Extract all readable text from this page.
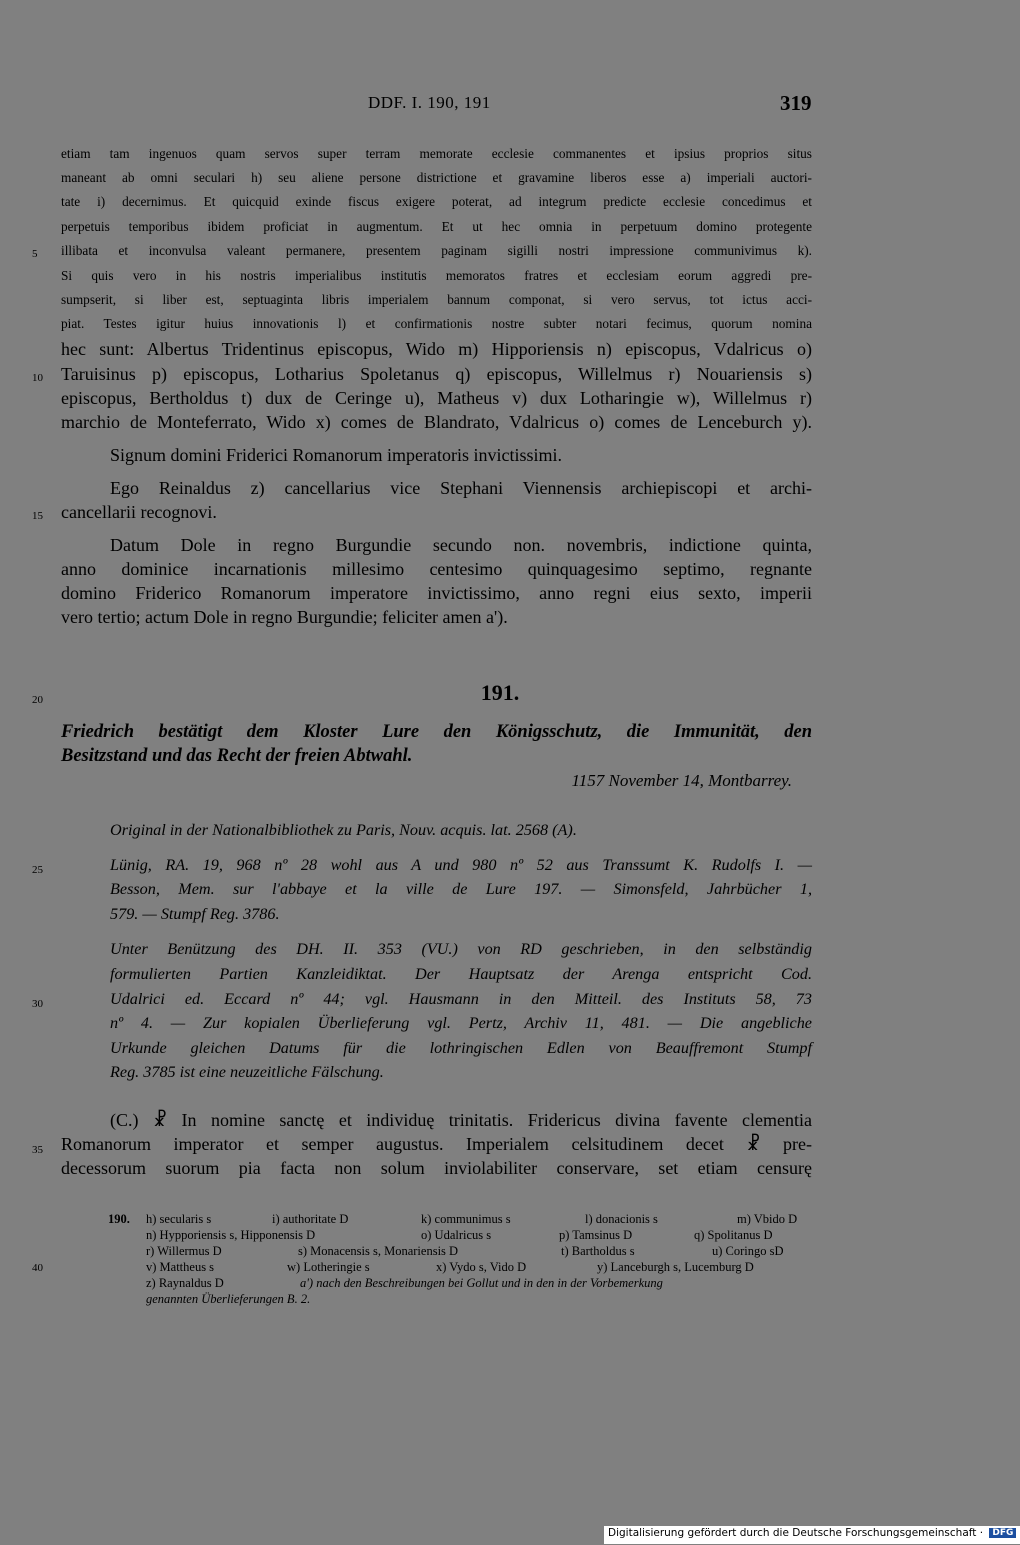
DDF. I. 190, 191	319
5
10
15
20
25
30
35
40
etiam tam ingenuos quam servos super terram memorate ecclesie commanentes et ipsius proprios situs
maneant ab omni seculari h) seu aliene persone districtione et gravamine liberos esse a) imperiali auctori-
tate i) decernimus. Et quicquid exinde fiscus exigere poterat, ad integrum predicte ecclesie concedimus et
perpetuis temporibus ibidem proficiat in augmentum. Et ut hec omnia in perpetuum domino protegente
illibata et inconvulsa valeant permanere, presentem paginam sigilli nostri impressione communivimus k).
Si quis vero in his nostris imperialibus institutis memoratos fratres et ecclesiam eorum aggredi pre-
sumpserit, si liber est, septuaginta libris imperialem bannum componat, si vero servus, tot ictus acci-
piat. Testes igitur huius innovationis l) et confirmationis nostre subter notari fecimus, quorum nomina
hec sunt: Albertus Tridentinus episcopus, Wido m) Hipporiensis n) episcopus, Vdalricus o)
Taruisinus p) episcopus, Lotharius Spoletanus q) episcopus, Willelmus r) Nouariensis s)
episcopus, Bertholdus t) dux de Ceringe u), Matheus v) dux Lotharingie w), Willelmus r)
marchio de Monteferrato, Wido x) comes de Blandrato, Vdalricus o) comes de Lenceburch y).
Signum domini Friderici Romanorum imperatoris invictissimi.
Ego Reinaldus z) cancellarius vice Stephani Viennensis archiepiscopi et archi-
cancellarii recognovi.
Datum Dole in regno Burgundie secundo non. novembris, indictione quinta,
anno dominice incarnationis millesimo centesimo quinquagesimo septimo, regnante
domino Friderico Romanorum imperatore invictissimo, anno regni eius sexto, imperii
vero tertio; actum Dole in regno Burgundie; feliciter amen a').
191.
Friedrich bestätigt dem Kloster Lure den Königsschutz, die Immunität, den
Besitzstand und das Recht der freien Abtwahl.
1157 November 14, Montbarrey.
Original in der Nationalbibliothek zu Paris, Nouv. acquis. lat. 2568 (A).
Lünig, RA. 19, 968 nº 28 wohl aus A und 980 nº 52 aus Transsumt K. Rudolfs I. —
Besson, Mem. sur l'abbaye et la ville de Lure 197. — Simonsfeld, Jahrbücher 1,
579. — Stumpf Reg. 3786.
Unter Benützung des DH. II. 353 (VU.) von RD geschrieben, in den selbständig
formulierten Partien Kanzleidiktat. Der Hauptsatz der Arenga entspricht Cod.
Udalrici ed. Eccard nº 44; vgl. Hausmann in den Mitteil. des Instituts 58, 73
nº 4. — Zur kopialen Überlieferung vgl. Pertz, Archiv 11, 481. — Die angebliche
Urkunde gleichen Datums für die lothringischen Edlen von Beauffremont Stumpf
Reg. 3785 ist eine neuzeitliche Fälschung.
(C.) ☧ In nomine sanctę et individuę trinitatis. Fridericus divina favente clementia
Romanorum imperator et semper augustus. Imperialem celsitudinem decet ☧ pre-
decessorum suorum pia facta non solum inviolabiliter conservare, set etiam censurę
190. h) secularis s	i) authoritate D	k) communimus s	l) donacionis s	m) Vbido D
n) Hypporiensis s, Hipponensis D	o) Udalricus s	p) Tamsinus D	q) Spolitanus D
r) Willermus D	s) Monacensis s, Monariensis D	t) Bartholdus s	u) Coringo sD
v) Mattheus s	w) Lotheringie s	x) Vydo s, Vido D	y) Lanceburgh s, Lucemburg D
z) Raynaldus D	a') nach den Beschreibungen bei Gollut und in den in der Vorbemerkung
genannten Überlieferungen B. 2.
Digitalisierung gefördert durch die Deutsche Forschungsgemeinschaft · DFG
